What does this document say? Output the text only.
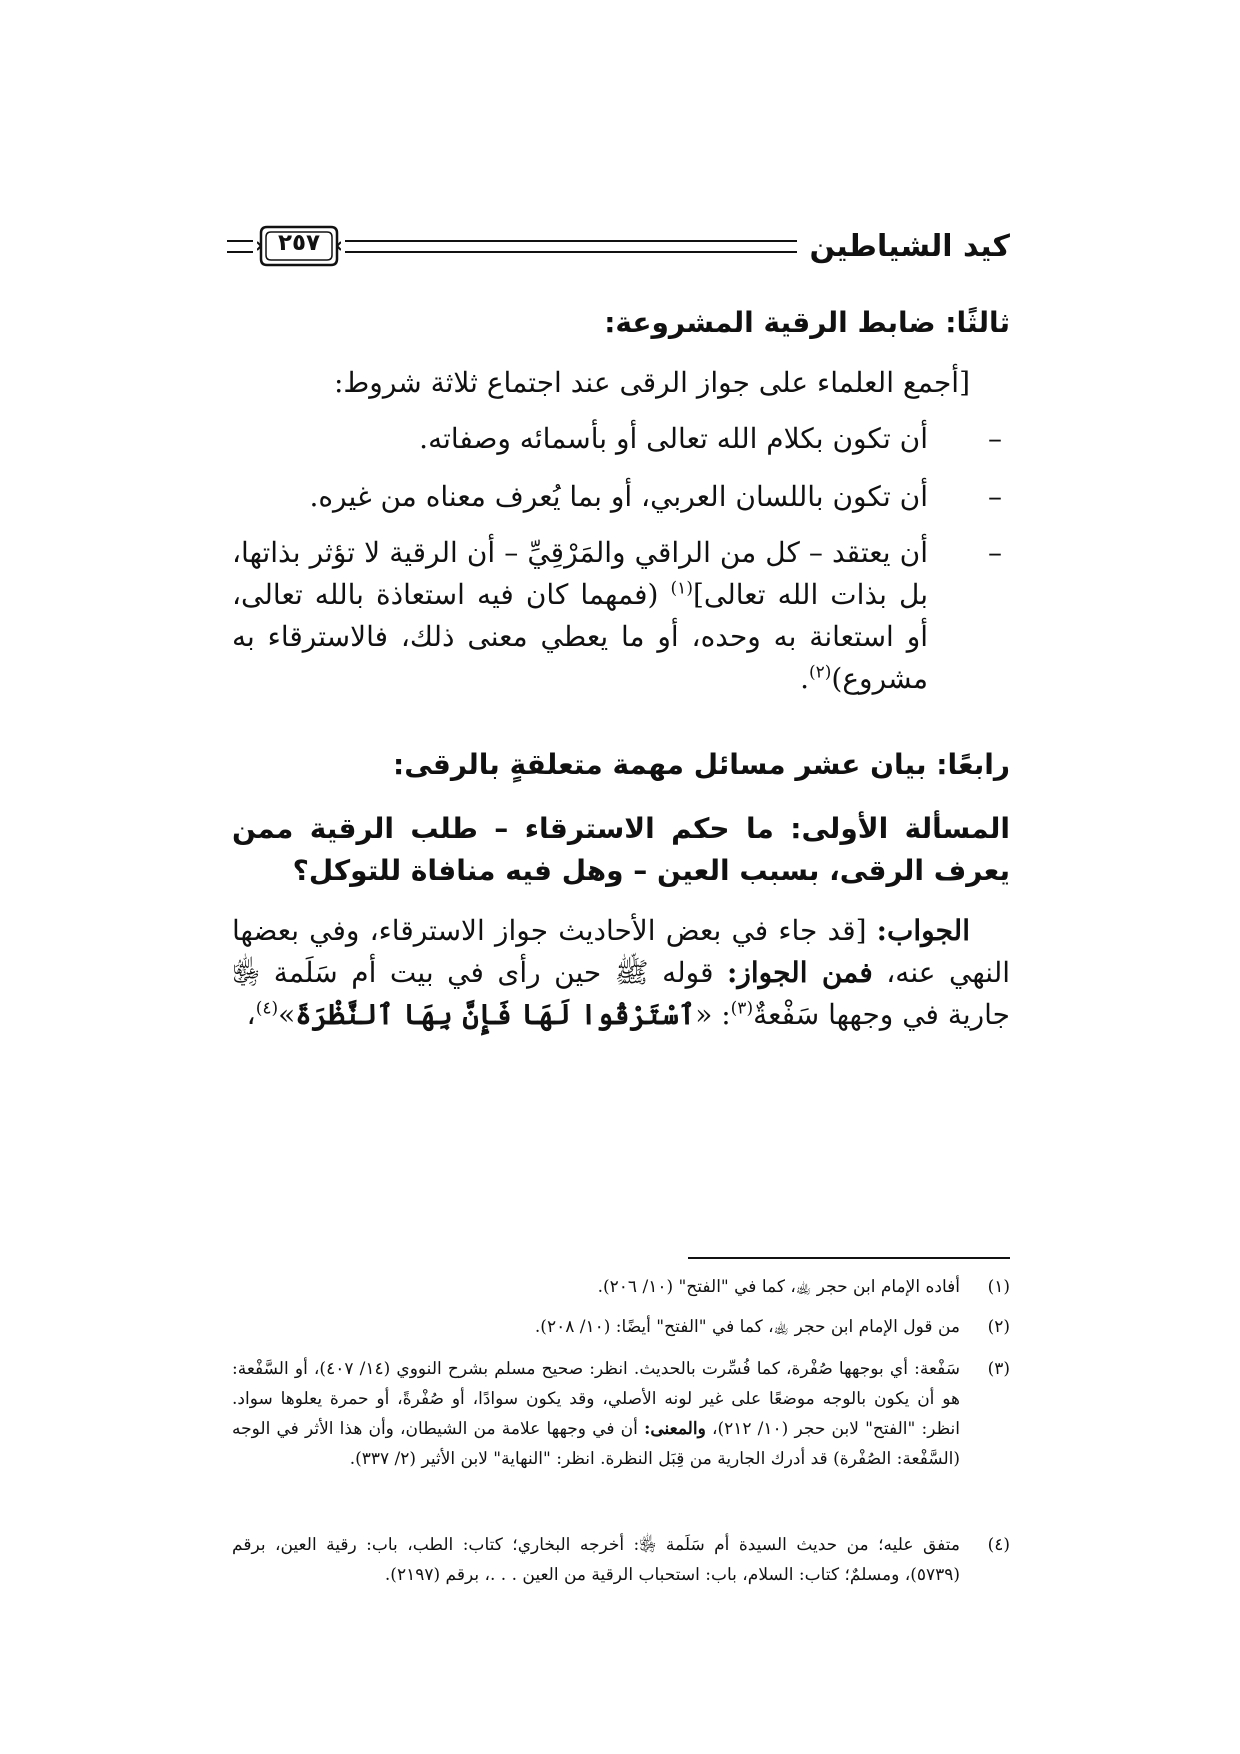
كيد الشياطين
٢٥٧
ثالثًا: ضابط الرقية المشروعة:
[أجمع العلماء على جواز الرقى عند اجتماع ثلاثة شروط:
–
أن تكون بكلام الله تعالى أو بأسمائه وصفاته.
–
أن تكون باللسان العربي، أو بما يُعرف معناه من غيره.
–
أن يعتقد – كل من الراقي والمَرْقِيِّ – أن الرقية لا تؤثر بذاتها، بل بذات الله تعالى]$^{(١)}$ (فمهما كان فيه استعاذة بالله تعالى، أو استعانة به وحده، أو ما يعطي معنى ذلك، فالاسترقاء به مشروع)$^{(٢)}$.
رابعًا: بيان عشر مسائل مهمة متعلقةٍ بالرقى:
المسألة الأولى: ما حكم الاسترقاء – طلب الرقية ممن يعرف الرقى، بسبب العين – وهل فيه منافاة للتوكل؟
الجواب: [قد جاء في بعض الأحاديث جواز الاسترقاء، وفي بعضها النهي عنه، فمن الجواز: قوله ﷺ حين رأى في بيت أم سَلَمة ﵂ جارية في وجهها سَفْعةٌ$^{(٣)}$: «ٱسْتَرْقُوا لَهَا فَإِنَّ بِهَا ٱلنَّظْرَةَ»$^{(٤)}$،
(١)
أفاده الإمام ابن حجر ﵀، كما في "الفتح" (١٠/ ٢٠٦).
(٢)
من قول الإمام ابن حجر ﵀، كما في "الفتح" أيضًا: (١٠/ ٢٠٨).
(٣)
سَفْعة: أي بوجهها صُفْرة، كما فُسِّرت بالحديث. انظر: صحيح مسلم بشرح النووي (١٤/ ٤٠٧)، أو السَّفْعة: هو أن يكون بالوجه موضعًا على غير لونه الأصلي، وقد يكون سوادًا، أو صُفْرةً، أو حمرة يعلوها سواد. انظر: "الفتح" لابن حجر (١٠/ ٢١٢)، والمعنى: أن في وجهها علامة من الشيطان، وأن هذا الأثر في الوجه (السَّفْعة: الصُفْرة) قد أدرك الجارية من قِبَل النظرة. انظر: "النهاية" لابن الأثير (٢/ ٣٣٧).
(٤)
متفق عليه؛ من حديث السيدة أم سَلَمة ﵂: أخرجه البخاري؛ كتاب: الطب، باب: رقية العين، برقم (٥٧٣٩)، ومسلمٌ؛ كتاب: السلام، باب: استحباب الرقية من العين . . .، برقم (٢١٩٧).
